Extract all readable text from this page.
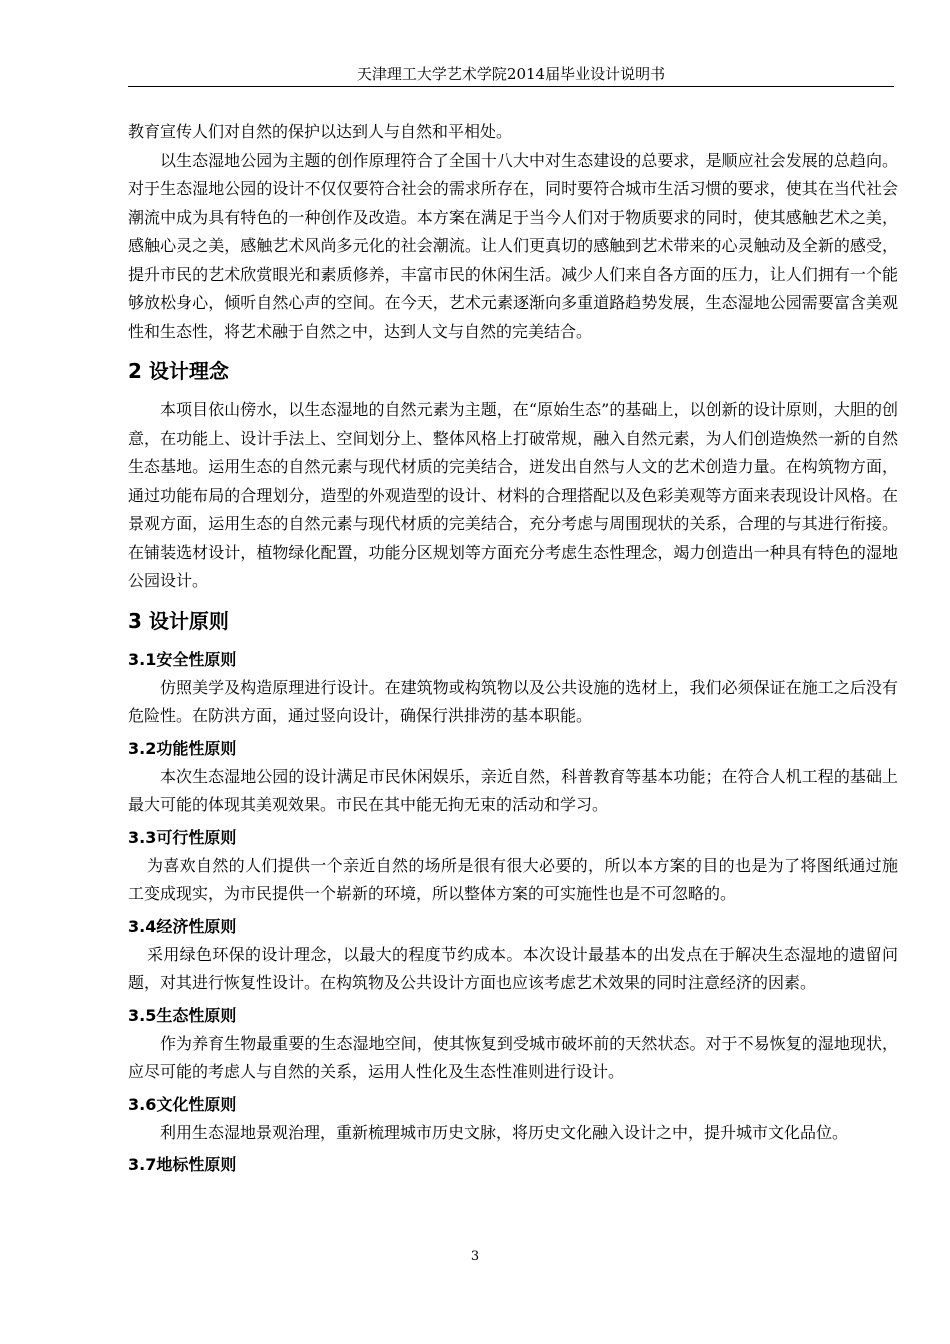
天津理工大学艺术学院2014届毕业设计说明书

教育宣传人们对自然的保护以达到人与自然和平相处。

以生态湿地公园为主题的创作原理符合了全国十八大中对生态建设的总要求，是顺应社会发展的总趋向。对于生态湿地公园的设计不仅仅要符合社会的需求所存在，同时要符合城市生活习惯的要求，使其在当代社会潮流中成为具有特色的一种创作及改造。本方案在满足于当今人们对于物质要求的同时，使其感触艺术之美，感触心灵之美，感触艺术风尚多元化的社会潮流。让人们更真切的感触到艺术带来的心灵触动及全新的感受，提升市民的艺术欣赏眼光和素质修养，丰富市民的休闲生活。减少人们来自各方面的压力，让人们拥有一个能够放松身心，倾听自然心声的空间。在今天，艺术元素逐渐向多重道路趋势发展，生态湿地公园需要富含美观性和生态性，将艺术融于自然之中，达到人文与自然的完美结合。

2 设计理念

本项目依山傍水，以生态湿地的自然元素为主题，在“原始生态”的基础上，以创新的设计原则，大胆的创意，在功能上、设计手法上、空间划分上、整体风格上打破常规，融入自然元素，为人们创造焕然一新的自然生态基地。运用生态的自然元素与现代材质的完美结合，迸发出自然与人文的艺术创造力量。在构筑物方面，通过功能布局的合理划分，造型的外观造型的设计、材料的合理搭配以及色彩美观等方面来表现设计风格。在景观方面，运用生态的自然元素与现代材质的完美结合，充分考虑与周围现状的关系，合理的与其进行衔接。在铺装选材设计，植物绿化配置，功能分区规划等方面充分考虑生态性理念，竭力创造出一种具有特色的湿地公园设计。

3 设计原则
3.1安全性原则

仿照美学及构造原理进行设计。在建筑物或构筑物以及公共设施的选材上，我们必须保证在施工之后没有危险性。在防洪方面，通过竖向设计，确保行洪排涝的基本职能。

3.2功能性原则

本次生态湿地公园的设计满足市民休闲娱乐，亲近自然，科普教育等基本功能；在符合人机工程的基础上最大可能的体现其美观效果。市民在其中能无拘无束的活动和学习。

3.3可行性原则

为喜欢自然的人们提供一个亲近自然的场所是很有很大必要的，所以本方案的目的也是为了将图纸通过施工变成现实，为市民提供一个崭新的环境，所以整体方案的可实施性也是不可忽略的。

3.4经济性原则

采用绿色环保的设计理念，以最大的程度节约成本。本次设计最基本的出发点在于解决生态湿地的遗留问题，对其进行恢复性设计。在构筑物及公共设计方面也应该考虑艺术效果的同时注意经济的因素。

3.5生态性原则

作为养育生物最重要的生态湿地空间，使其恢复到受城市破坏前的天然状态。对于不易恢复的湿地现状，应尽可能的考虑人与自然的关系，运用人性化及生态性准则进行设计。

3.6文化性原则

利用生态湿地景观治理，重新梳理城市历史文脉，将历史文化融入设计之中，提升城市文化品位。

3.7地标性原则
3
